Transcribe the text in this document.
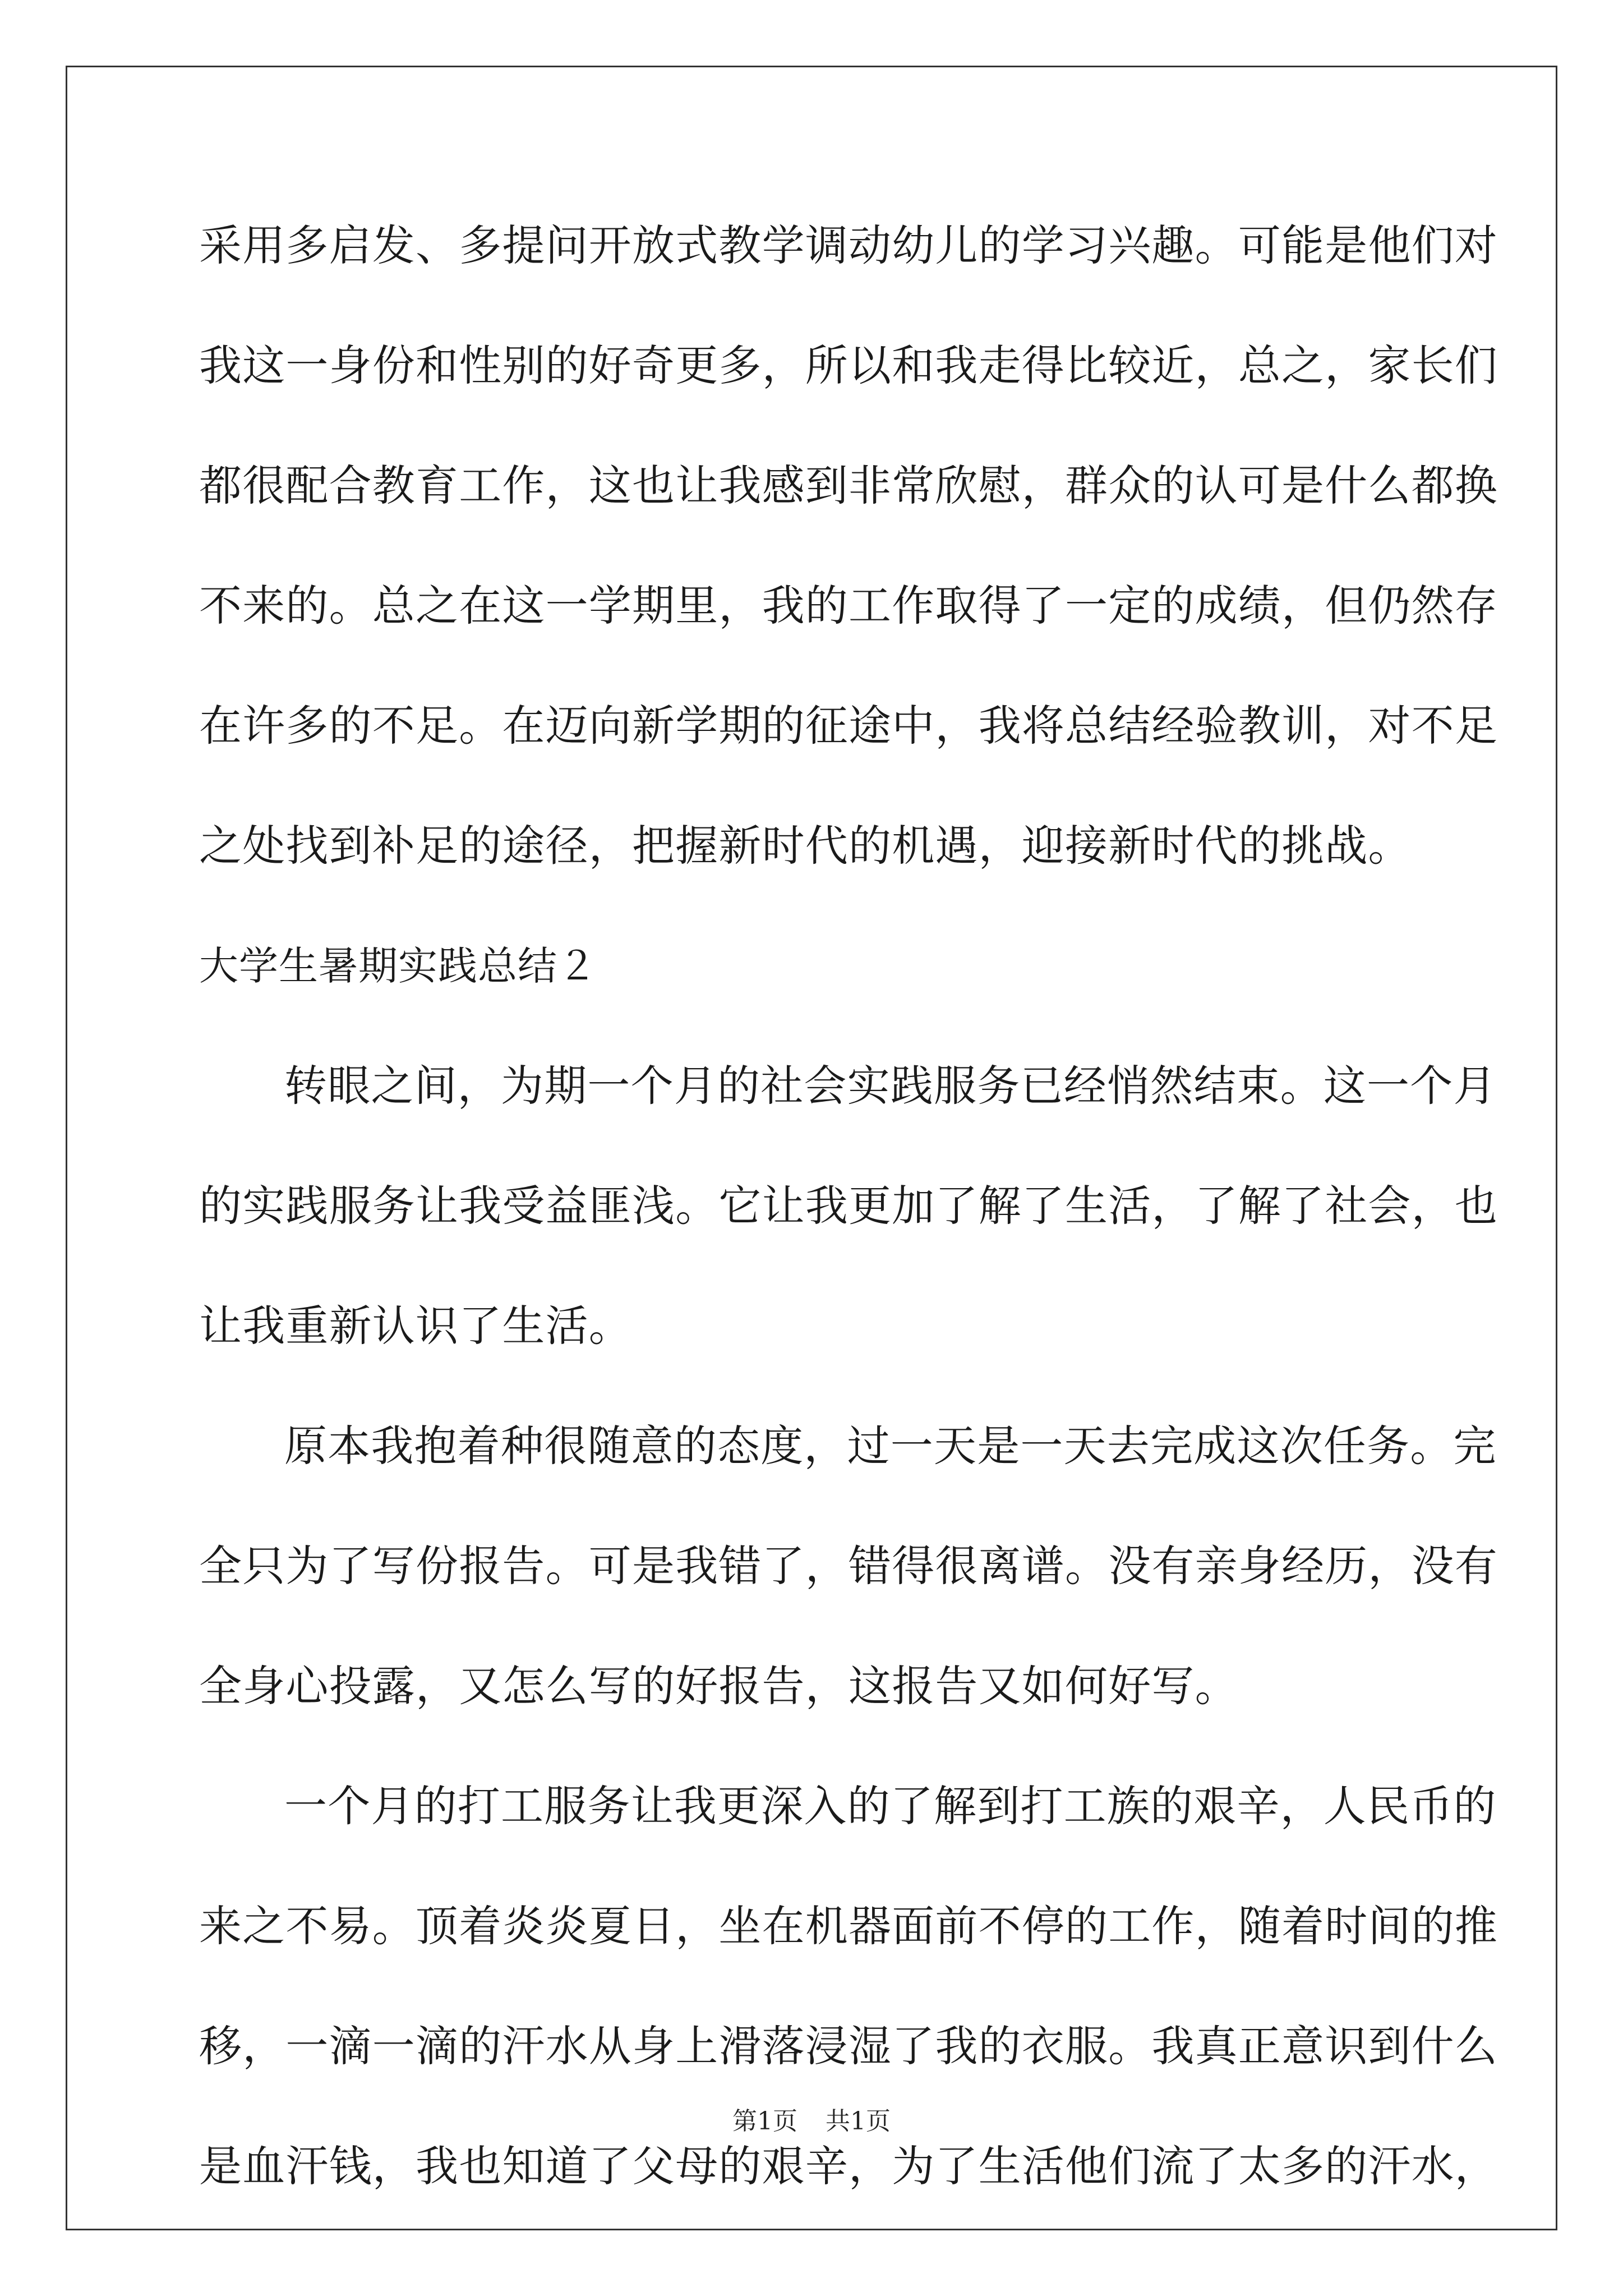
采用多启发、多提问开放式教学调动幼儿的学习兴趣。可能是他们对
我这一身份和性别的好奇更多，所以和我走得比较近，总之，家长们
都很配合教育工作，这也让我感到非常欣慰，群众的认可是什么都换
不来的。总之在这一学期里，我的工作取得了一定的成绩，但仍然存
在许多的不足。在迈向新学期的征途中，我将总结经验教训，对不足
之处找到补足的途径，把握新时代的机遇，迎接新时代的挑战。
大学生暑期实践总结２
转眼之间，为期一个月的社会实践服务已经悄然结束。这一个月
的实践服务让我受益匪浅。它让我更加了解了生活，了解了社会，也
让我重新认识了生活。
原本我抱着种很随意的态度，过一天是一天去完成这次任务。完
全只为了写份报告。可是我错了，错得很离谱。没有亲身经历，没有
全身心投露，又怎么写的好报告，这报告又如何好写。
一个月的打工服务让我更深入的了解到打工族的艰辛，人民币的
来之不易。顶着炎炎夏日，坐在机器面前不停的工作，随着时间的推
移，一滴一滴的汗水从身上滑落浸湿了我的衣服。我真正意识到什么
是血汗钱，我也知道了父母的艰辛，为了生活他们流了太多的汗水，
第1页 共1页
